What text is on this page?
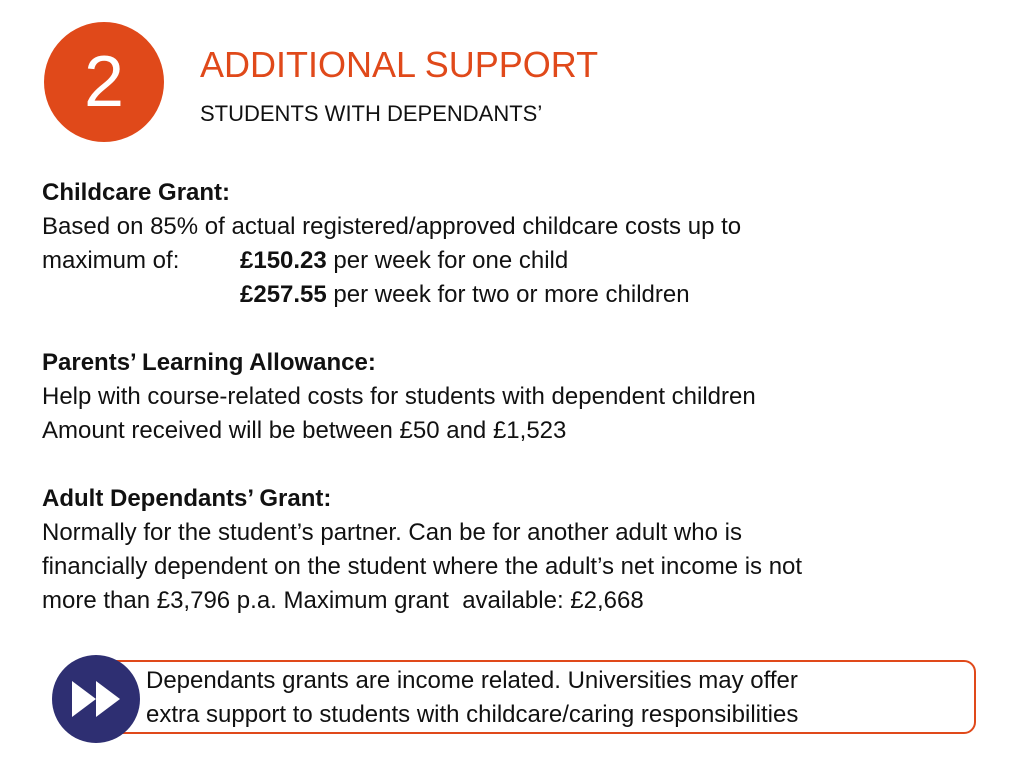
2	ADDITIONAL SUPPORT
STUDENTS WITH DEPENDANTS’
Childcare Grant:
Based on 85% of actual registered/approved childcare costs up to
maximum of:	£150.23 per week for one child
£257.55 per week for two or more children
Parents’ Learning Allowance:
Help with course-related costs for students with dependent children
Amount received will be between £50 and £1,523
Adult Dependants’ Grant:
Normally for the student’s partner. Can be for another adult who is
financially dependent on the student where the adult’s net income is not
more than £3,796 p.a. Maximum grant  available: £2,668
Dependants grants are income related. Universities may offer
extra support to students with childcare/caring responsibilities
